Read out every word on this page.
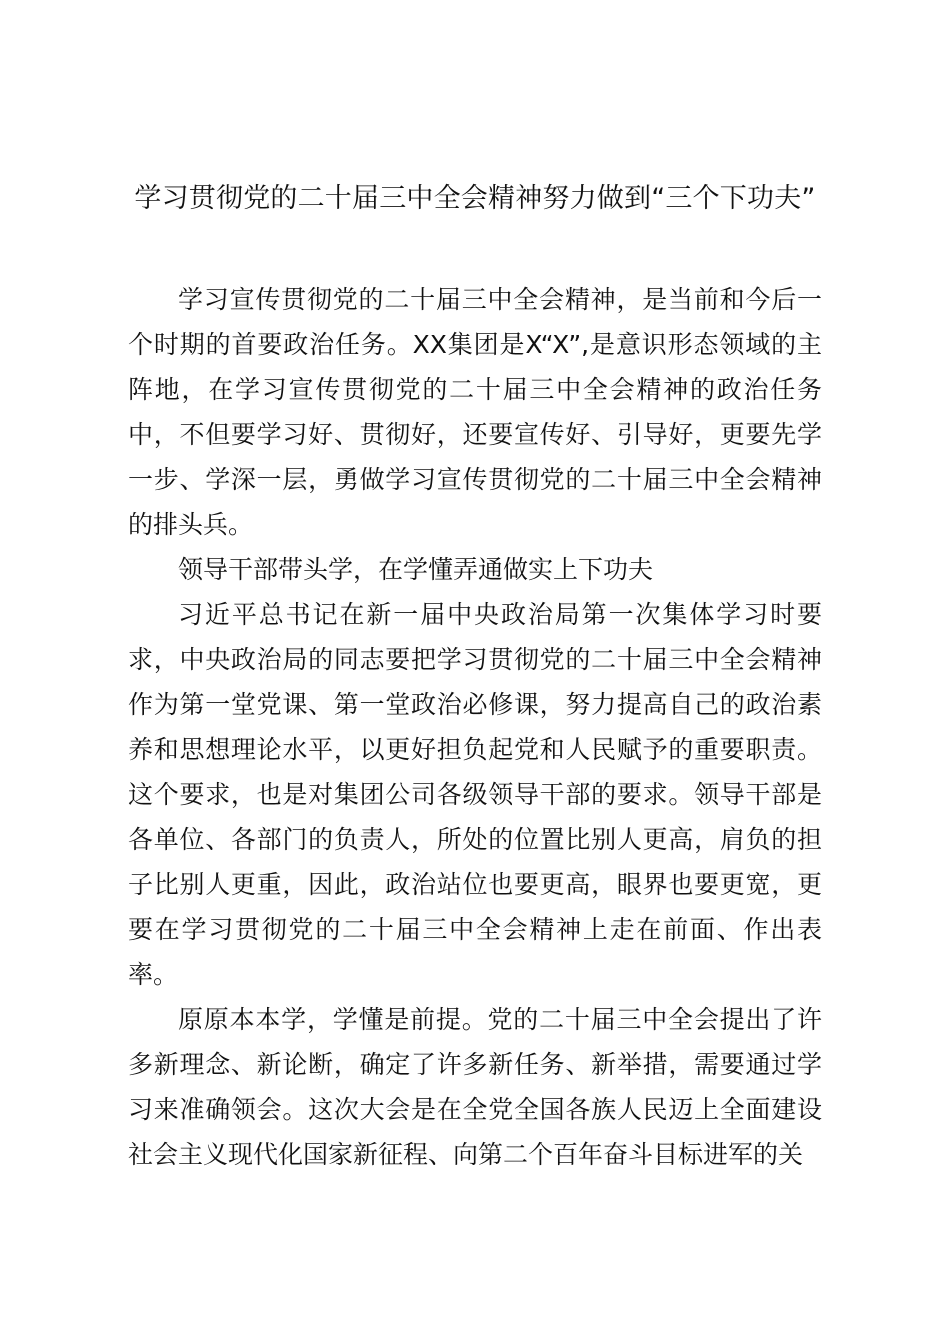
学习贯彻党的二十届三中全会精神努力做到“三个下功夫”

学习宣传贯彻党的二十届三中全会精神，是当前和今后一个时期的首要政治任务。XX集团是X“X”,是意识形态领域的主阵地，在学习宣传贯彻党的二十届三中全会精神的政治任务中，不但要学习好、贯彻好，还要宣传好、引导好，更要先学一步、学深一层，勇做学习宣传贯彻党的二十届三中全会精神的排头兵。

领导干部带头学，在学懂弄通做实上下功夫

习近平总书记在新一届中央政治局第一次集体学习时要求，中央政治局的同志要把学习贯彻党的二十届三中全会精神作为第一堂党课、第一堂政治必修课，努力提高自己的政治素养和思想理论水平，以更好担负起党和人民赋予的重要职责。这个要求，也是对集团公司各级领导干部的要求。领导干部是各单位、各部门的负责人，所处的位置比别人更高，肩负的担子比别人更重，因此，政治站位也要更高，眼界也要更宽，更要在学习贯彻党的二十届三中全会精神上走在前面、作出表率。

原原本本学，学懂是前提。党的二十届三中全会提出了许多新理念、新论断，确定了许多新任务、新举措，需要通过学习来准确领会。这次大会是在全党全国各族人民迈上全面建设社会主义现代化国家新征程、向第二个百年奋斗目标进军的关
